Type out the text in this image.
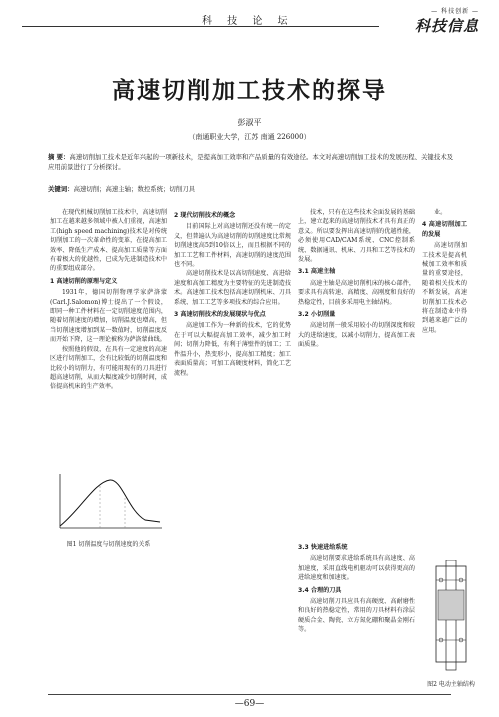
科 技 论 坛
— 科技创新 —
科技信息
高速切削加工技术的探导
彭淑平
（南通职业大学，江苏 南通 226000）
摘 要：高速切削加工技术是近年兴起的一项新技术，是提高加工效率和产品质量的有效途径。本文对高速切削加工技术的发展历程、关键技术及应用前景进行了分析探讨。
关键词：高速切削；高速主轴；数控系统；切削刀具

在现代机械切削加工技术中，高速切削加工在越来越多领域中被人们重视，高速加工(high speed machining)技术是对传统切削加工的一次革命性的变革，在提高加工效率、降低生产成本、提高加工质量等方面有着极大的优越性，已成为先进制造技术中的重要组成部分。

1 高速切削的原理与定义

1931年，德国切削物理学家萨洛蒙(Carl.J.Salomon)博士提出了一个假设，即同一种工件材料在一定切削速度范围内，随着切削速度的增加，切削温度也增高，但当切削速度增加到某一数值时，切削温度反而开始下降，这一理论被称为萨洛蒙曲线。

按照他的假设，在具有一定速度的高速区进行切削加工，会有比较低的切削温度和比较小的切削力，有可能用现有的刀具进行超高速切削，从而大幅度减少切削时间，成倍提高机床的生产效率。

图1 切削温度与切削速度的关系

2 现代切削技术的概念

目前国际上对高速切削还没有统一的定义，但普遍认为高速切削的切削速度比常规切削速度高5到10倍以上，而且根据不同的加工工艺和工件材料，高速切削的速度范围也不同。

高速切削技术是以高切削速度、高进给速度和高加工精度为主要特征的先进制造技术。高速加工技术包括高速切削机床、刀具系统、加工工艺等多项技术的综合应用。

3 高速切削技术的发展现状与优点

高速加工作为一种新的技术，它的优势在于可以大幅提高加工效率，减少加工时间；切削力降低，有利于薄壁件的加工；工件温升小，热变形小，提高加工精度；加工表面质量高；可加工高硬度材料，简化工艺流程。

技术，只有在这些技术全面发展的基础上，建立起来的高速切削技术才具有真正的意义。所以要发挥出高速切削的优越性能，必须使用CAD/CAM系统、CNC控制系统、数据通讯、机床、刀具和工艺等技术的发展。

3.1 高速主轴

高速主轴是高速切削机床的核心部件，要求具有高转速、高精度、高刚度和良好的热稳定性，目前多采用电主轴结构。

3.2 小切削量

高速切削一般采用较小的切削深度和较大的进给速度，以减小切削力，提高加工表面质量。

3.3 快速进给系统

高速切削要求进给系统具有高速度、高加速度，采用直线电机驱动可以获得更高的进给速度和加速度。

3.4 合理的刀具

高速切削刀具应具有高硬度、高耐磨性和良好的热稳定性，常用的刀具材料有涂层硬质合金、陶瓷、立方氮化硼和聚晶金刚石等。

业。

4 高速切削加工的发展

高速切削加工技术是提高机械加工效率和质量的重要途径，随着相关技术的不断发展，高速切削加工技术必将在制造业中得到越来越广泛的应用。

图2 电动主轴结构
—69—
